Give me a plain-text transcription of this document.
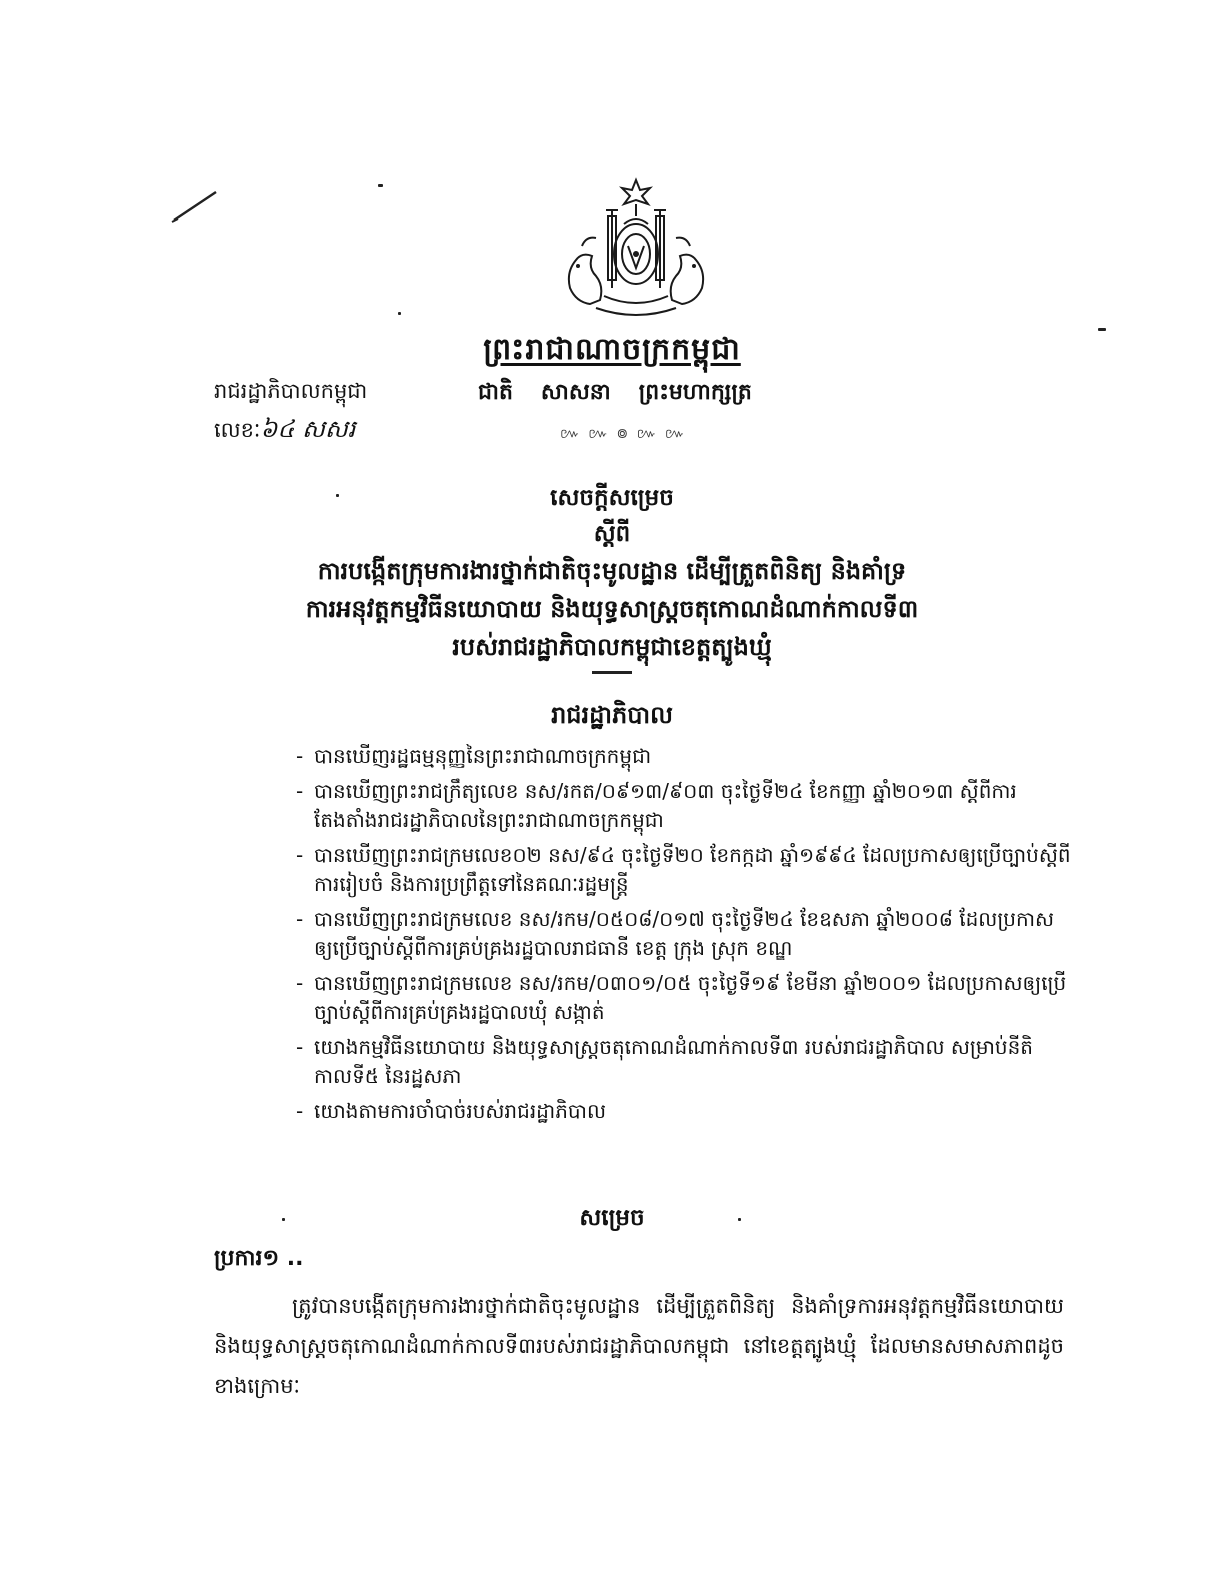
ព្រះរាជាណាចក្រកម្ពុជា
ជាតិ សាសនា ព្រះមហាក្សត្រ
៚ ៚ ៙ ៚ ៚
រាជរដ្ឋាភិបាលកម្ពុជា
លេខៈ៦៤ សសរ
សេចក្តីសម្រេច
ស្តីពី
ការបង្កើតក្រុមការងារថ្នាក់ជាតិចុះមូលដ្ឋាន ដើម្បីត្រួតពិនិត្យ និងគាំទ្រ
ការអនុវត្តកម្មវិធីនយោបាយ និងយុទ្ធសាស្ត្រចតុកោណដំណាក់កាលទី៣
របស់រាជរដ្ឋាភិបាលកម្ពុជាខេត្តត្បូងឃ្មុំ
រាជរដ្ឋាភិបាល
- បានឃើញរដ្ឋធម្មនុញ្ញនៃព្រះរាជាណាចក្រកម្ពុជា
- បានឃើញព្រះរាជក្រឹត្យលេខ នស/រកត/០៩១៣/៩០៣ ចុះថ្ងៃទី២៤ ខែកញ្ញា ឆ្នាំ២០១៣ ស្តីពីការតែងតាំងរាជរដ្ឋាភិបាលនៃព្រះរាជាណាចក្រកម្ពុជា
- បានឃើញព្រះរាជក្រមលេខ០២ នស/៩៤ ចុះថ្ងៃទី២០ ខែកក្កដា ឆ្នាំ១៩៩៤ ដែលប្រកាសឲ្យប្រើច្បាប់ស្តីពីការរៀបចំ និងការប្រព្រឹត្តទៅនៃគណៈរដ្ឋមន្ត្រី
- បានឃើញព្រះរាជក្រមលេខ នស/រកម/០៥០៨/០១៧ ចុះថ្ងៃទី២៤ ខែឧសភា ឆ្នាំ២០០៨ ដែលប្រកាសឲ្យប្រើច្បាប់ស្តីពីការគ្រប់គ្រងរដ្ឋបាលរាជធានី ខេត្ត ក្រុង ស្រុក ខណ្ឌ
- បានឃើញព្រះរាជក្រមលេខ នស/រកម/០៣០១/០៥ ចុះថ្ងៃទី១៩ ខែមីនា ឆ្នាំ២០០១ ដែលប្រកាសឲ្យប្រើច្បាប់ស្តីពីការគ្រប់គ្រងរដ្ឋបាលឃុំ សង្កាត់
- យោងកម្មវិធីនយោបាយ និងយុទ្ធសាស្ត្រចតុកោណដំណាក់កាលទី៣ របស់រាជរដ្ឋាភិបាល សម្រាប់នីតិកាលទី៥ នៃរដ្ឋសភា
- យោងតាមការចាំបាច់របស់រាជរដ្ឋាភិបាល
សម្រេច
ប្រការ១ ..
ត្រូវបានបង្កើតក្រុមការងារថ្នាក់ជាតិចុះមូលដ្ឋាន ដើម្បីត្រួតពិនិត្យ និងគាំទ្រការអនុវត្តកម្មវិធីនយោបាយ និងយុទ្ធសាស្ត្រចតុកោណដំណាក់កាលទី៣របស់រាជរដ្ឋាភិបាលកម្ពុជា នៅខេត្តត្បូងឃ្មុំ ដែលមានសមាសភាពដូចខាងក្រោមៈ
